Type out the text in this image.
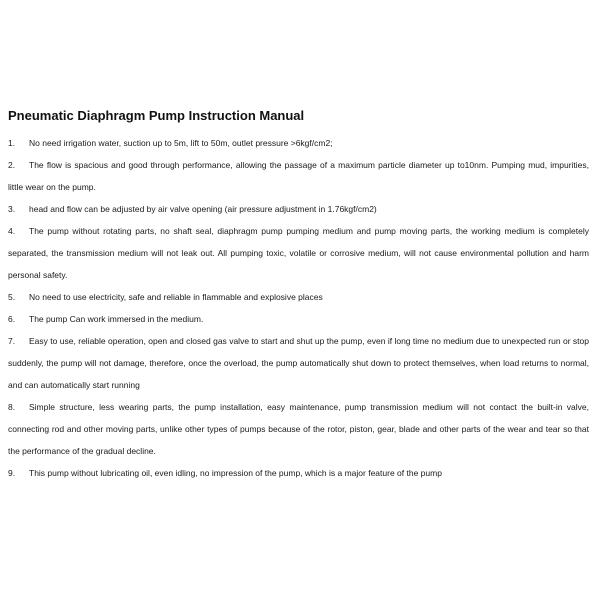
Pneumatic Diaphragm Pump Instruction Manual

1. No need irrigation water, suction up to 5m, lift to 50m, outlet pressure >6kgf/cm2;

2. The flow is spacious and good through performance, allowing the passage of a maximum particle diameter up to10nm. Pumping mud, impurities, little wear on the pump.

3. head and flow can be adjusted by air valve opening (air pressure adjustment in 1.76kgf/cm2)

4. The pump without rotating parts, no shaft seal, diaphragm pump pumping medium and pump moving parts, the working medium is completely separated, the transmission medium will not leak out. All pumping toxic, volatile or corrosive medium, will not cause environmental pollution and harm personal safety.

5. No need to use electricity, safe and reliable in flammable and explosive places

6. The pump Can work immersed in the medium.

7. Easy to use, reliable operation, open and closed gas valve to start and shut up the pump, even if long time no medium due to unexpected run or stop suddenly, the pump will not damage, therefore, once the overload, the pump automatically shut down to protect themselves, when load returns to normal, and can automatically start running

8. Simple structure, less wearing parts, the pump installation, easy maintenance, pump transmission medium will not contact the built-in valve, connecting rod and other moving parts, unlike other types of pumps because of the rotor, piston, gear, blade and other parts of the wear and tear so that the performance of the gradual decline.

9. This pump without lubricating oil, even idling, no impression of the pump, which is a major feature of the pump
